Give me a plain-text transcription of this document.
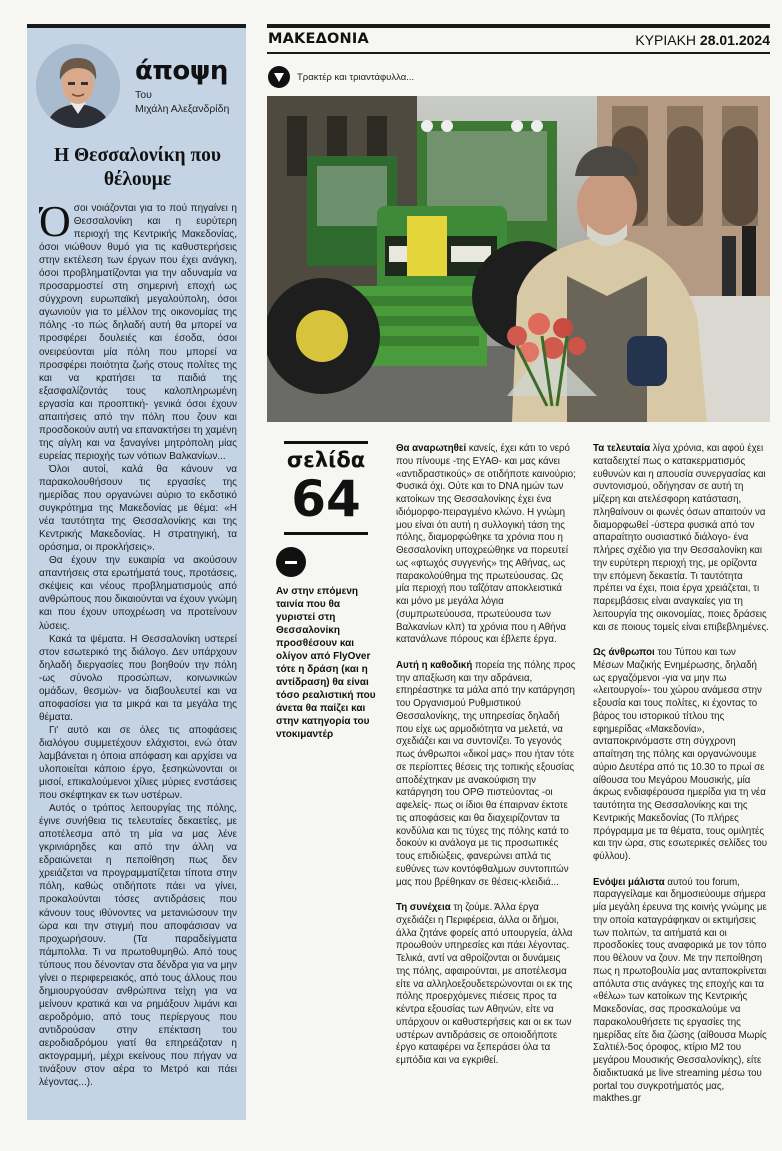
άποψη
Του
Μιχάλη Αλεξανδρίδη
Η Θεσσαλονίκη που θέλουμε

Όσοι νοιάζονται για το πού πηγαίνει η Θεσσαλονίκη και η ευρύτερη περιοχή της Κεντρικής Μακεδονίας, όσοι νιώθουν θυμό για τις καθυστερήσεις στην εκτέλεση των έργων που έχει ανάγκη, όσοι προβληματίζονται για την αδυναμία να προσαρμοστεί στη σημερινή εποχή ως σύγχρονη ευρωπαϊκή μεγαλούπολη, όσοι αγωνιούν για το μέλλον της οικονομίας της πόλης -το πώς δηλαδή αυτή θα μπορεί να προσφέρει δουλειές και έσοδα, όσοι ονειρεύονται μία πόλη που μπορεί να προσφέρει ποιότητα ζωής στους πολίτες της και να κρατήσει τα παιδιά της εξασφαλίζοντάς τους καλοπληρωμένη εργασία και προοπτική- γενικά όσοι έχουν απαιτήσεις από την πόλη που ζουν και προσδοκούν αυτή να επανακτήσει τη χαμένη της αίγλη και να ξαναγίνει μητρόπολη μίας ευρείας περιοχής των νότιων Βαλκανίων...

Όλοι αυτοί, καλά θα κάνουν να παρακολουθήσουν τις εργασίες της ημερίδας που οργανώνει αύριο το εκδοτικό συγκρότημα της Μακεδονίας με θέμα: «Η νέα ταυτότητα της Θεσσαλονίκης και της Κεντρικής Μακεδονίας. Η στρατηγική, τα ορόσημα, οι προκλήσεις».

Θα έχουν την ευκαιρία να ακούσουν απαντήσεις στα ερωτήματά τους, προτάσεις, σκέψεις και νέους προβληματισμούς από ανθρώπους που δικαιούνται να έχουν γνώμη και που έχουν υποχρέωση να προτείνουν λύσεις.

Κακά τα ψέματα. Η Θεσσαλονίκη υστερεί στον εσωτερικό της διάλογο. Δεν υπάρχουν δηλαδή διεργασίες που βοηθούν την πόλη -ως σύνολο προσώπων, κοινωνικών ομάδων, θεσμών- να διαβουλευτεί και να αποφασίσει για τα μικρά και τα μεγάλα της θέματα.

Γι' αυτό και σε όλες τις αποφάσεις διαλόγου συμμετέχουν ελάχιστοι, ενώ όταν λαμβάνεται η όποια απόφαση και αρχίσει να υλοποιείται κάποιο έργο, ξεσηκώνονται οι μισοί, επικαλούμενοι χίλιες μύριες ενστάσεις που σκέφτηκαν εκ των υστέρων.

Αυτός ο τρόπος λειτουργίας της πόλης, έγινε συνήθεια τις τελευταίες δεκαετίες, με αποτέλεσμα από τη μία να μας λένε γκρινιάρηδες και από την άλλη να εδραιώνεται η πεποίθηση πως δεν χρειάζεται να προγραμματίζεται τίποτα στην πόλη, καθώς οτιδήποτε πάει να γίνει, προκαλούνται τόσες αντιδράσεις που κάνουν τους ιθύνοντες να μετανιώσουν την ώρα και την στιγμή που αποφάσισαν να προχωρήσουν. (Τα παραδείγματα πάμπολλα. Τι να πρωτοθυμηθώ. Από τους τύπους που δένονταν στα δένδρα για να μην γίνει ο περιφερειακός, από τους άλλους που δημιουργούσαν ανθρώπινα τείχη για να μείνουν κρατικά και να ρημάξουν λιμάνι και αεροδρόμιο, από τους περίεργους που αντιδρούσαν στην επέκταση του αεροδιαδρόμου γιατί θα επηρεάζοταν η ακτογραμμή, μέχρι εκείνους που πήγαν να τινάξουν στον αέρα το Μετρό και πάει λέγοντας...).

ΜΑΚΕΔΟΝΙΑ	ΚΥΡΙΑΚΗ 28.01.2024
Τρακτέρ και τριαντάφυλλα...
σελίδα
64
Αν στην επόμενη ταινία που θα γυριστεί στη Θεσσαλονίκη προσθέσουν και ολίγον από FlyOver τότε η δράση (και η αντίδραση) θα είναι τόσο ρεαλιστική που άνετα θα παίζει και στην κατηγορία του ντοκιμαντέρ

Θα αναρωτηθεί κανείς, έχει κάτι το νερό που πίνουμε -της ΕΥΑΘ- και μας κάνει «αντιδραστικούς» σε οτιδήποτε καινούριο; Φυσικά όχι. Ούτε και το DNA ημών των κατοίκων της Θεσσαλονίκης έχει ένα ιδιόμορφο-πειραγμένο κλώνο. Η γνώμη μου είναι ότι αυτή η συλλογική τάση της πόλης, διαμορφώθηκε τα χρόνια που η Θεσσαλονίκη υποχρεώθηκε να πορευτεί ως «φτωχός συγγενής» της Αθήνας, ως παρακολούθημα της πρωτεύουσας. Ως μία περιοχή που ταΐζόταν αποκλειστικά και μόνο με μεγάλα λόγια (συμπρωτεύουσα, πρωτεύουσα των Βαλκανίων κλπ) τα χρόνια που η Αθήνα κατανάλωνε πόρους και έβλεπε έργα.

Αυτή η καθοδική πορεία της πόλης προς την απαξίωση και την αδράνεια, επηρέαστηκε τα μάλα από την κατάργηση του Οργανισμού Ρυθμιστικού Θεσσαλονίκης, της υπηρεσίας δηλαδή που είχε ως αρμοδιότητα να μελετά, να σχεδιάζει και να συντονίζει. Το γεγονός πως άνθρωποι «δικοί μας» που ήταν τότε σε περίοπτες θέσεις της τοπικής εξουσίας αποδέχτηκαν με ανακούφιση την κατάργηση του ΟΡΘ πιστεύοντας -οι αφελείς- πως οι ίδιοι θα έπαιρναν έκτοτε τις αποφάσεις και θα διαχειρίζονταν τα κονδύλια και τις τύχες της πόλης κατά το δοκούν κι ανάλογα με τις προσωπικές τους επιδιώξεις, φανερώνει απλά τις ευθύνες των κοντόφθαλμων συντοπιτών μας που βρέθηκαν σε θέσεις-κλειδιά...

Τη συνέχεια τη ζούμε. Άλλα έργα σχεδιάζει η Περιφέρεια, άλλα οι δήμοι, άλλα ζητάνε φορείς από υπουργεία, άλλα προωθούν υπηρεσίες και πάει λέγοντας. Τελικά, αντί να αθροίζονται οι δυνάμεις της πόλης, αφαιρούνται, με αποτέλεσμα είτε να αλληλοεξουδετερώνονται οι εκ της πόλης προερχόμενες πιέσεις προς τα κέντρα εξουσίας των Αθηνών, είτε να υπάρχουν οι καθυστερήσεις και οι εκ των υστέρων αντιδράσεις σε οποιοδήποτε έργο καταφέρει να ξεπεράσει όλα τα εμπόδια και να εγκριθεί.

Τα τελευταία λίγα χρόνια, και αφού έχει καταδειχτεί πως ο κατακερματισμός ευθυνών και η απουσία συνεργασίας και συντονισμού, οδήγησαν σε αυτή τη μίζερη και ατελέσφορη κατάσταση, πληθαίνουν οι φωνές όσων απαιτούν να διαμορφωθεί -ύστερα φυσικά από τον απαραίτητο ουσιαστικό διάλογο- ένα πλήρες σχέδιο για την Θεσσαλονίκη και την ευρύτερη περιοχή της, με ορίζοντα την επόμενη δεκαετία. Τι ταυτότητα πρέπει να έχει, ποια έργα χρειάζεται, τι παρεμβάσεις είναι αναγκαίες για τη λειτουργία της οικονομίας, ποιες δράσεις και σε ποιους τομείς είναι επιβεβλημένες.

Ως άνθρωποι του Τύπου και των Μέσων Μαζικής Ενημέρωσης, δηλαδή ως εργαζόμενοι -για να μην πω «λειτουργοί»- του χώρου ανάμεσα στην εξουσία και τους πολίτες, κι έχοντας το βάρος του ιστορικού τίτλου της εφημερίδας «Μακεδονία», ανταποκρινόμαστε στη σύγχρονη απαίτηση της πόλης και οργανώνουμε αύριο Δευτέρα από τις 10.30 το πρωί σε αίθουσα του Μεγάρου Μουσικής, μία άκρως ενδιαφέρουσα ημερίδα για τη νέα ταυτότητα της Θεσσαλονίκης και της Κεντρικής Μακεδονίας (Το πλήρες πρόγραμμα με τα θέματα, τους ομιλητές και την ώρα, στις εσωτερικές σελίδες του φύλλου).

Ενόψει μάλιστα αυτού του forum, παραγγείλαμε και δημοσιεύουμε σήμερα μία μεγάλη έρευνα της κοινής γνώμης με την οποία καταγράφηκαν οι εκτιμήσεις των πολιτών, τα αιτήματά και οι προσδοκίες τους αναφορικά με τον τόπο που θέλουν να ζουν. Με την πεποίθηση πως η πρωτοβουλία μας ανταποκρίνεται απόλυτα στις ανάγκες της εποχής και τα «θέλω» των κατοίκων της Κεντρικής Μακεδονίας, σας προσκαλούμε να παρακολουθήσετε τις εργασίες της ημερίδας είτε δια ζώσης (αίθουσα Μωρίς Σαλτιέλ-5ος όροφος, κτίριο Μ2 του μεγάρου Μουσικής Θεσσαλονίκης), είτε διαδικτυακά με live streaming μέσω του portal του συγκροτήματός μας, makthes.gr
